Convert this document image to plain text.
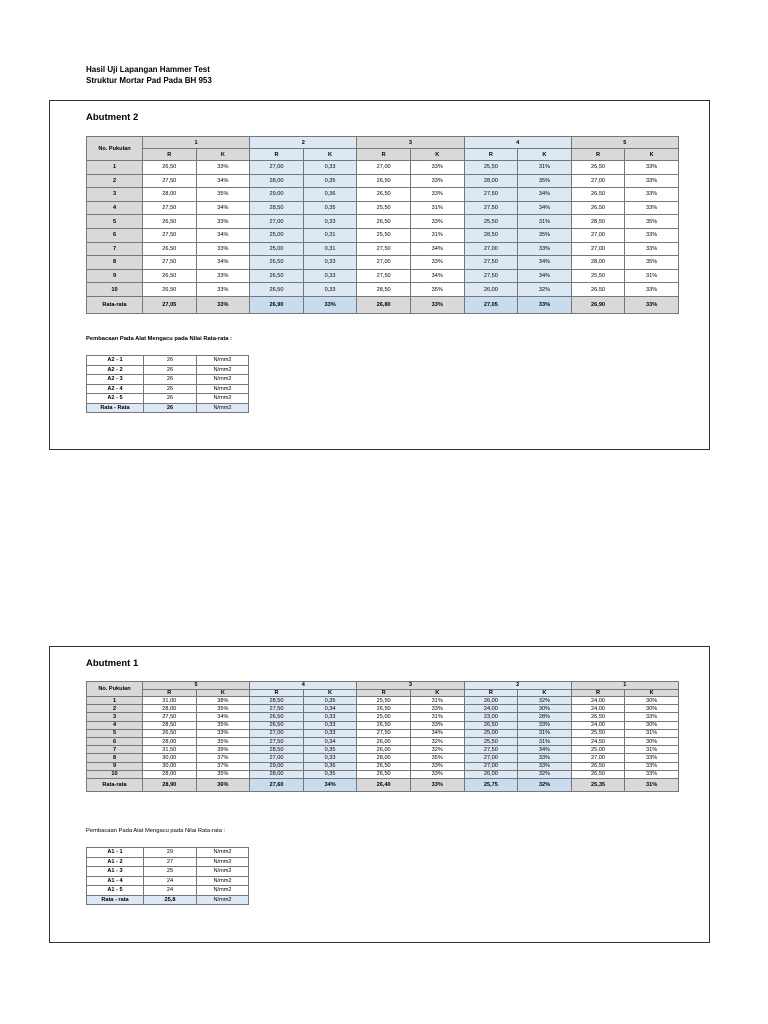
Hasil Uji Lapangan Hammer Test
Struktur Mortar Pad Pada BH 953
Abutment 2
No. Pukulan	1		2		3		4		5	
	R	K	R	K	R	K	R	K	R	K
1	26,50	33%	27,00	0,33	27,00	33%	25,50	31%	26,50	33%
2	27,50	34%	28,00	0,35	26,50	33%	28,00	35%	27,00	33%
3	28,00	35%	29,00	0,36	26,50	33%	27,50	34%	26,50	33%
4	27,50	34%	28,50	0,35	25,50	31%	27,50	34%	26,50	33%
5	26,50	33%	27,00	0,33	26,50	33%	25,50	31%	28,50	35%
6	27,50	34%	25,00	0,31	25,50	31%	28,50	35%	27,00	33%
7	26,50	33%	25,00	0,31	27,50	34%	27,00	33%	27,00	33%
8	27,50	34%	26,50	0,33	27,00	33%	27,50	34%	28,00	35%
9	26,50	33%	26,50	0,33	27,50	34%	27,50	34%	25,50	31%
10	26,50	33%	26,50	0,33	28,50	35%	26,00	32%	26,50	33%
Rata-rata	27,05	33%	26,90	33%	26,80	33%	27,05	33%	26,90	33%
Pembacaan Pada Alat Mengacu pada Nilai Rata-rata :
A2 - 1	26	N/mm2
A2 - 2	26	N/mm2
A2 - 3	26	N/mm2
A2 - 4	26	N/mm2
A2 - 5	26	N/mm2
Rata - Rata	26	N/mm2
Abutment 1
No. Pukulan	5		4		3		2		1	
	R	K	R	K	R	K	R	K	R	K
1	31,00	38%	28,50	0,35	25,50	31%	26,00	32%	24,00	30%
2	28,00	35%	27,50	0,34	26,50	33%	24,00	30%	24,00	30%
3	27,50	34%	26,50	0,33	25,00	31%	23,00	28%	26,50	33%
4	28,50	35%	26,50	0,33	26,50	33%	26,50	33%	24,00	30%
5	26,50	33%	27,00	0,33	27,50	34%	25,00	31%	25,50	31%
6	28,00	35%	27,50	0,34	26,00	32%	25,50	31%	24,50	30%
7	31,50	39%	28,50	0,35	26,00	32%	27,50	34%	25,00	31%
8	30,00	37%	27,00	0,33	28,00	35%	27,00	33%	27,00	33%
9	30,00	37%	29,00	0,36	26,50	33%	27,00	33%	26,50	33%
10	28,00	35%	28,00	0,35	26,50	33%	26,00	32%	26,50	33%
Rata-rata	28,90	36%	27,60	34%	26,40	33%	25,75	32%	25,35	31%
Pembacaan Pada Alat Mengacu pada Nilai Rata-rata :
A1 - 1	29	N/mm2
A1 - 2	27	N/mm2
A1 - 3	25	N/mm2
A1 - 4	24	N/mm2
A1 - 5	24	N/mm2
Rata - rata	25,8	N/mm2
